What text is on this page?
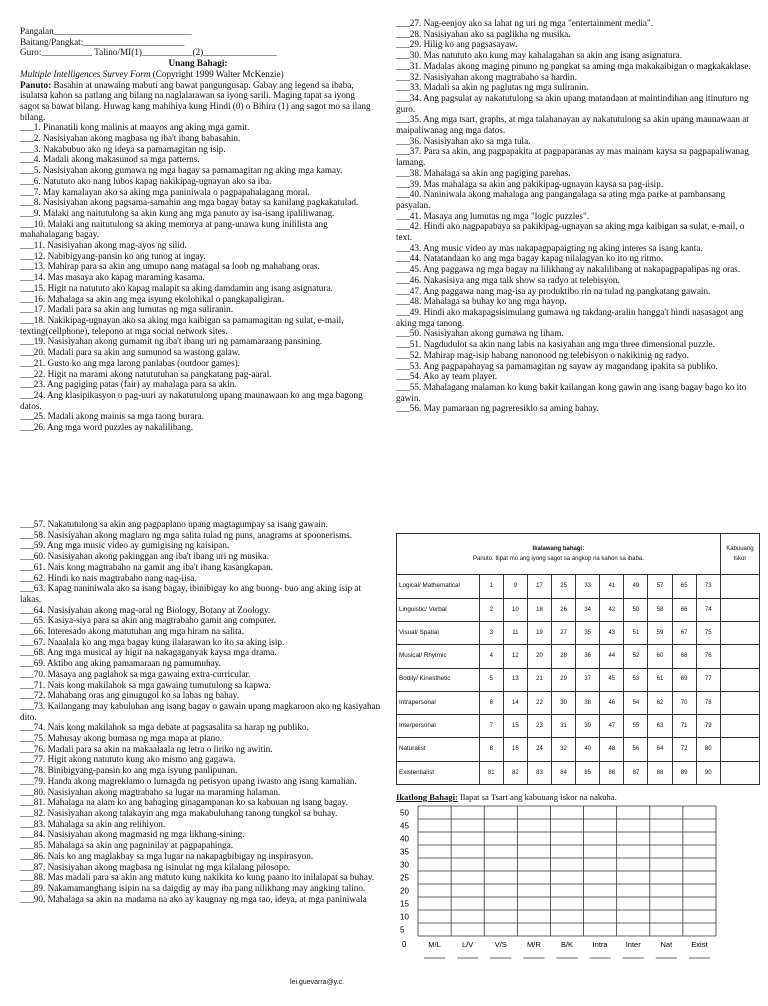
Pangalan______________________________
Baitang/Pangkat:______________________
Guro:___________ Talino/MI(1)___________(2)________________
Unang Bahagi:
Multiple Intelligences Survey Form (Copyright 1999 Walter McKenzie)
Panuto: Basahin at unawaing mabuti ang bawat pangungusap. Gabay ang legend sa ibaba, isulatsa kahon sa patlang ang bilang na naglalarawan sa iyong sarili. Maging tapat sa iyong sagot sa bawat bilang. Huwag kang mahihiya kung Hindi (0) o Bihira (1) ang sagot mo sa ilang bilang.
___1. Pinanatili kong malinis at maayos ang aking mga gamit.
___2. Nasisiyahan akong magbasa ng iba't ibang babasahin.
___3. Nakabubuo ako ng ideya sa pamamagitan ng isip.
___4. Madali akong makasunod sa mga patterns.
___5. Nasisiyahan akong gumawa ng mga bagay sa pamamagitan ng aking mga kamay.
___6. Natututo ako nang lubos kapag nakikipag-ugnayan ako sa iba.
___7. May kamalayan ako sa aking mga paniniwala o pagpapahalagang moral.
___8. Nasisiyahan akong pagsama-samahin ang mga bagay batay sa kanilang pagkakatulad.
___9. Malaki ang naitutulong sa akin kung ang mga panuto ay isa-isang ipaliliwanag.
___10. Malaki ang naitutulong sa aking memorya at pang-unawa kung inililista ang mahahalagang bagay.
___11. Nasisiyahan akong mag-ayos ng silid.
___12. Nabibigyang-pansin ko ang tunog at ingay.
___13. Mahirap para sa akin ang umupo nang matagal sa loob ng mahabang oras.
___14. Mas masaya ako kapag maraming kasama.
___15. Higit na natututo ako kapag malapit sa aking damdamin ang isang asignatura.
___16. Mahalaga sa akin ang mga isyung ekolohikal o pangkapaligiran.
___17. Madali para sa akin ang lumutas ng mga suliranin.
___18. Nakikipag-ugnayan ako sa aking mga kaibigan sa pamamagitan ng sulat, e-mail, texting(cellphone), telepono at mga social network sites.
___19. Nasisiyahan akong gumamit ng iba't ibang uri ng pamamaraang pansining.
___20. Madali para sa akin ang sumunod sa wastong galaw.
___21. Gusto ko ang mga larong panlabas (outdoor games).
___22. Higit na marami akong natututuhan sa pangkatang pag-aaral.
___23. Ang pagiging patas (fair) ay mahalaga para sa akin.
___24. Ang klasipikasyon o pag-uuri ay nakatutulong upang maunawaan ko ang mga bagong datos.
___25. Madali akong mainis sa mga taong burara.
___26. Ang mga word puzzles ay nakalilibang.
___27. Nag-eenjoy ako sa lahat ng uri ng mga "entertainment media".
___28. Nasisiyahan ako sa paglikha ng musika.
___29. Hilig ko ang pagsasayaw.
___30. Mas natututo ako kung may kahalagahan sa akin ang isang asignatura.
___31. Madalas akong maging pinuno ng pangkat sa aming mga makakaibigan o magkakaklase.
___32. Nasisiyahan akong magtrabaho sa hardin.
___33. Madali sa akin ng paglutas ng mga suliranin.
___34. Ang pagsulat ay nakatutulong sa akin upang matandaan at maintindihan ang itinuturo ng guro.
___35. Ang mga tsart, graphs, at mga talahanayan ay nakatutulong sa akin upang maunawaan at maipaliwanag ang mga datos.
___36. Nasisiyahan ako sa mga tula.
___37. Para sa akin, ang pagpapakita at pagpaparanas ay mas mainam kaysa sa pagpapaliwanag lamang.
___38. Mahalaga sa akin ang pagiging parehas.
___39. Mas mahalaga sa akin ang pakikipag-ugnayan kaysa sa pag-iisip.
___40. Naniniwala akong mahalaga ang pangangalaga sa ating mga parke at pambansang pasyalan.
___41. Masaya ang lumutas ng mga "logic puzzles".
___42. Hindi ako nagpapabaya sa pakikipag-ugnayan sa aking mga kaibigan sa sulat, e-mail, o text.
___43. Ang music video ay mas nakapagpapaigting ng aking interes sa isang kanta.
___44. Natatandaan ko ang mga bagay kapag nilalagyan ko ito ng ritmo.
___45. Ang paggawa ng mga bagay na lilikhang ay nakalilibang at nakapagpapalipas ng oras.
___46. Nakasisiya ang mga talk show sa radyo at telebisyon.
___47. Ang paggawa nang mag-isa ay produktibo rin na tulad ng pangkatang gawain.
___48. Mahalaga sa buhay ko ang mga hayop.
___49. Hindi ako makapagsisimulang gumawa ng takdang-aralin hangga't hindi nasasagot ang aking mga tanong.
___50. Nasisiyahan akong gumawa ng liham.
___51. Nagdudulot sa akin nang labis na kasiyahan ang mga three dimensional puzzle.
___52. Mahirap mag-isip habang nanonood ng telebisyon o nakikinig ng radyo.
___53. Ang pagpapahayag sa pamamagitan ng sayaw ay magandang ipakita sa publiko.
___54. Ako ay team player.
___55. Mahalagang malaman ko kung bakit kailangan kong gawin ang isang bagay bago ko ito gawin.
___56. May pamaraan ng pagreresiklo sa aming bahay.
___57. Nakatutulong sa akin ang pagpaplano upang magtagumpay sa isang gawain.
___58. Nasisiyahan akong maglaro ng mga salita tulad ng puns, anagrams at spoonerisms.
___59. Ang mga music video ay gumigising ng kaisipan.
___60. Nasisiyahan akong pakinggan ang iba't ibang uri ng musika.
___61. Nais kong magtrabaho na gamit ang iba't ibang kasangkapan.
___62. Hindi ko nais magtrabaho nang nag-iisa.
___63. Kapag naniniwala ako sa isang bagay, ibinibigay ko ang buong- buo ang aking isip at lakas.
___64. Nasisiyahan akong mag-aral ng Biology, Botany at Zoology.
___65. Kasiya-siya para sa akin ang magtrabaho gamit ang computer.
___66. Interesado akong matutuhan ang mga hiram na salita.
___67. Naaalala ko ang mga bagay kung ilalarawan ko ito sa aking isip.
___68. Ang mga musical ay higit na nakagaganyak kaysa mga drama.
___69. Aktibo ang aking pamamaraan ng pamumuhay.
___70. Masaya ang paglahok sa mga gawaing extra-curricular.
___71. Nais kong makilahok sa mga gawaing tumutulong sa kapwa.
___72. Mahabang oras ang ginugugol ko sa labas ng bahay.
___73. Kailangang may kabuluhan ang isang bagay o gawain upang magkaroon ako ng kasiyahan dito.
___74. Nais kong makilahok sa mga debate at pagsasalita sa harap ng publiko.
___75. Mahusay akong bumasa ng mga mapa at plano.
___76. Madali para sa akin na makaalaala ng letra o liriko ng awitin.
___77. Higit akong natututo kung ako mismo ang gagawa.
___78. Binibigyang-pansin ko ang mga isyung panlipunan.
___79. Handa akong magreklamo o lumagda ng petisyon upang iwasto ang isang kamalian.
___80. Nasisiyahan akong magtrabaho sa lugar na maraming halaman.
___81. Mahalaga na alam ko ang bahaging ginagampanan ko sa kabuuan ng isang bagay.
___82. Nasisiyahan akong talakayin ang mga makabuluhang tanong tungkol sa buhay.
___83. Mahalaga sa akin ang relihiyon.
___84. Nasisiyahan akong magmasid ng mga likhang-sining.
___85. Mahalaga sa akin ang pagninilay at pagpapahinga.
___86. Nais ko ang maglakbay sa mga lugar na nakapagbibigay ng inspirasyon.
___87. Nasisiyahan akong magbasa ng isinulat ng mga kilalang pilosopo.
___88. Mas madali para sa akin ang matuto kung nakikita ko kung paano ito inilalapat sa buhay.
___89. Nakamamanghang isipin na sa daigdig ay may iba pang nilikhang may angking talino.
___90. Mahalaga sa akin na madama na ako ay kaugnay ng mga tao, ideya, at mga paniniwala
Ikalawang bahagi:
Panuto: Ilipat mo ang iyong sagot sa angkop na kahon sa ibaba.											Kabuuang Iskor
Logical/ Mathematical	1	9	17	25	33	41	49	57	65	73	
Linguistic/ Verbal	2	10	18	26	34	42	50	58	66	74	
Visual/ Spatial	3	11	19	27	35	43	51	59	67	75	
Musical/ Rhytmic	4	12	20	28	36	44	52	60	68	76	
Bodily/ Kinesthetic	5	13	21	29	37	45	53	61	69	77	
Intrapersonal	6	14	22	30	38	46	54	62	70	78	
Interpersonal	7	15	23	31	39	47	55	63	71	79	
Naturalist	8	16	24	32	40	48	56	64	72	80	
Existentialist	81	82	83	84	85	86	87	88	89	90	
Ikatlong Bahagi: Ilapat sa Tsart ang kabuuang iskor na nakuha.
50
45
40
35
30
25
20
15
10
5
0	M/L	L/V	V/S	M/R	B/K	Intra Inter	Nat	Exist
lei.guevarra@y.c.
